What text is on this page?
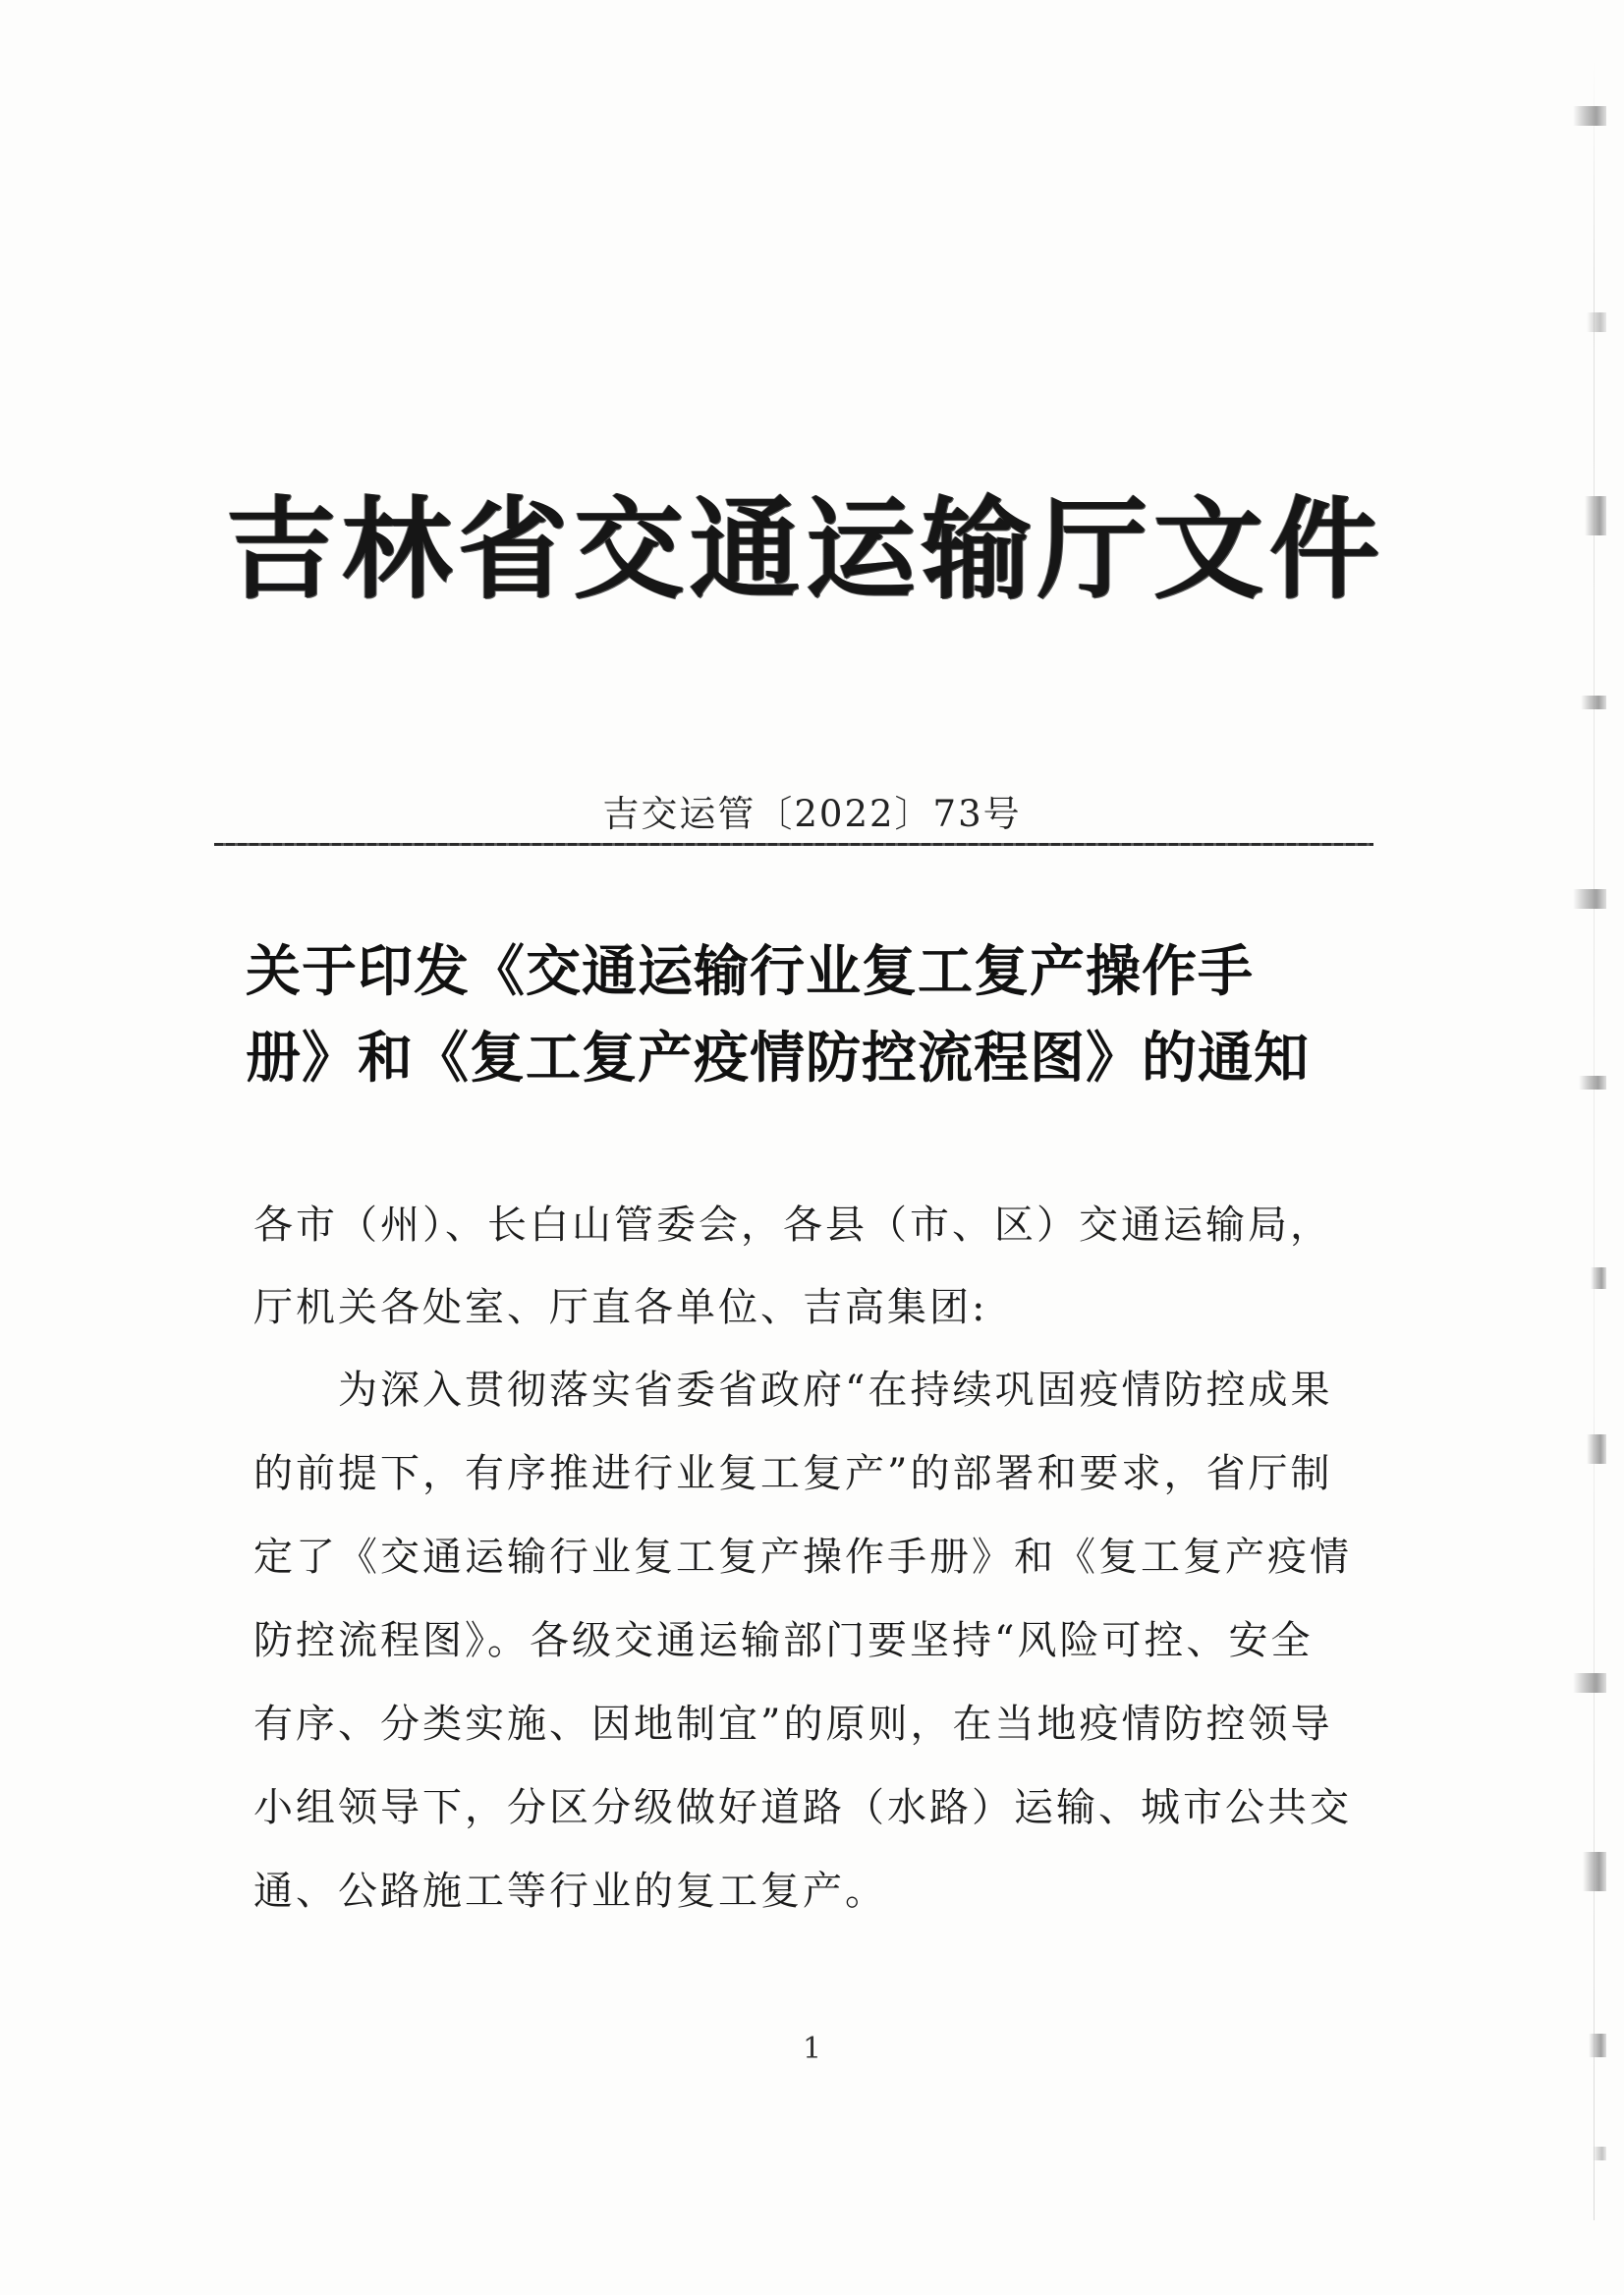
吉林省交通运输厅文件
吉交运管〔2022〕73号
关于印发《交通运输行业复工复产操作手
册》和《复工复产疫情防控流程图》的通知
各市（州）、长白山管委会，各县（市、区）交通运输局，
厅机关各处室、厅直各单位、吉高集团:
为深入贯彻落实省委省政府“在持续巩固疫情防控成果
的前提下，有序推进行业复工复产”的部署和要求，省厅制
定了《交通运输行业复工复产操作手册》和《复工复产疫情
防控流程图》。各级交通运输部门要坚持“风险可控、安全
有序、分类实施、因地制宜”的原则，在当地疫情防控领导
小组领导下，分区分级做好道路（水路）运输、城市公共交
通、公路施工等行业的复工复产。
1
